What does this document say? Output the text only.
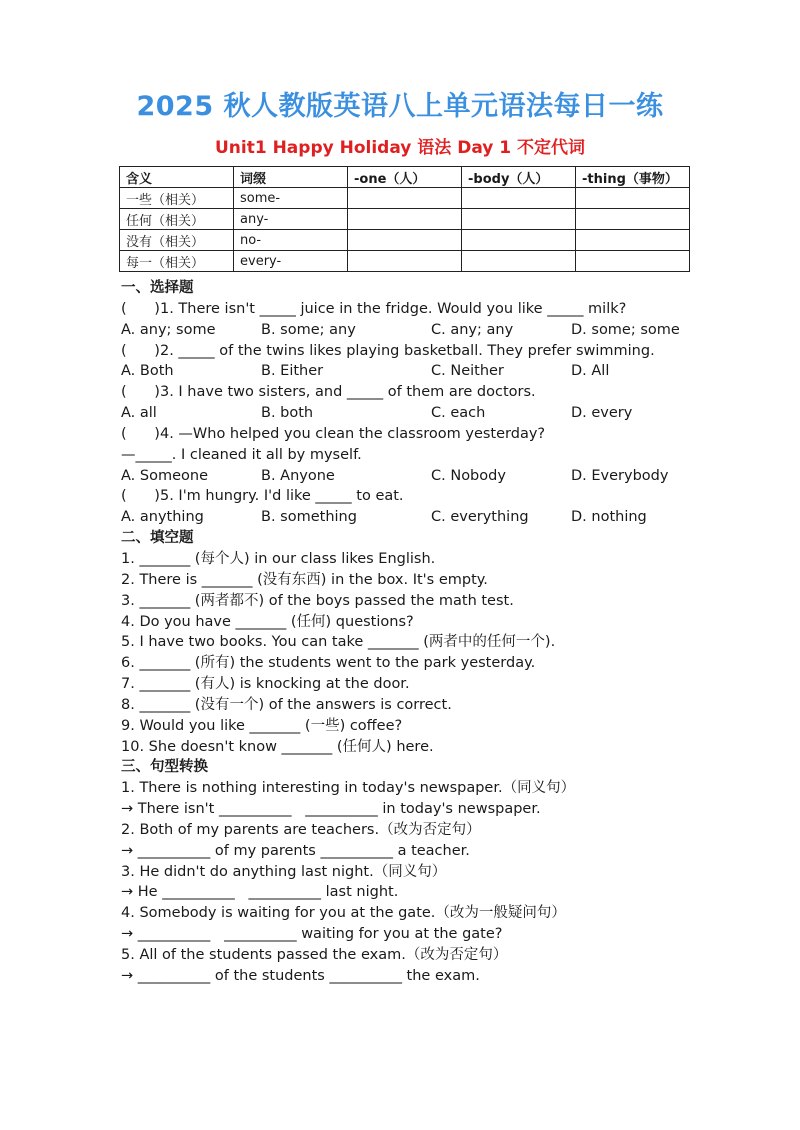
2025 秋人教版英语八上单元语法每日一练
Unit1 Happy Holiday 语法 Day 1 不定代词
含义	词缀	-one（人）	-body（人）	-thing（事物）
一些（相关）	some-			
任何（相关）	any-			
没有（相关）	no-			
每一（相关）	every-			
一、选择题
(      )1. There isn't _____ juice in the fridge. Would you like _____ milk?
A. any; some	B. some; any	C. any; any	D. some; some
(      )2. _____ of the twins likes playing basketball. They prefer swimming.
A. Both	B. Either	C. Neither	D. All
(      )3. I have two sisters, and _____ of them are doctors.
A. all	B. both	C. each	D. every
(      )4. —Who helped you clean the classroom yesterday?
—_____. I cleaned it all by myself.
A. Someone	B. Anyone	C. Nobody	D. Everybody
(      )5. I'm hungry. I'd like _____ to eat.
A. anything	B. something	C. everything	D. nothing
二、填空题
1. _______ (每个人) in our class likes English.
2. There is _______ (没有东西) in the box. It's empty.
3. _______ (两者都不) of the boys passed the math test.
4. Do you have _______ (任何) questions?
5. I have two books. You can take _______ (两者中的任何一个).
6. _______ (所有) the students went to the park yesterday.
7. _______ (有人) is knocking at the door.
8. _______ (没有一个) of the answers is correct.
9. Would you like _______ (一些) coffee?
10. She doesn't know _______ (任何人) here.
三、句型转换
1. There is nothing interesting in today's newspaper.（同义句）
→ There isn't __________   __________ in today's newspaper.
2. Both of my parents are teachers.（改为否定句）
→ __________ of my parents __________ a teacher.
3. He didn't do anything last night.（同义句）
→ He __________   __________ last night.
4. Somebody is waiting for you at the gate.（改为一般疑问句）
→ __________   __________ waiting for you at the gate?
5. All of the students passed the exam.（改为否定句）
→ __________ of the students __________ the exam.
